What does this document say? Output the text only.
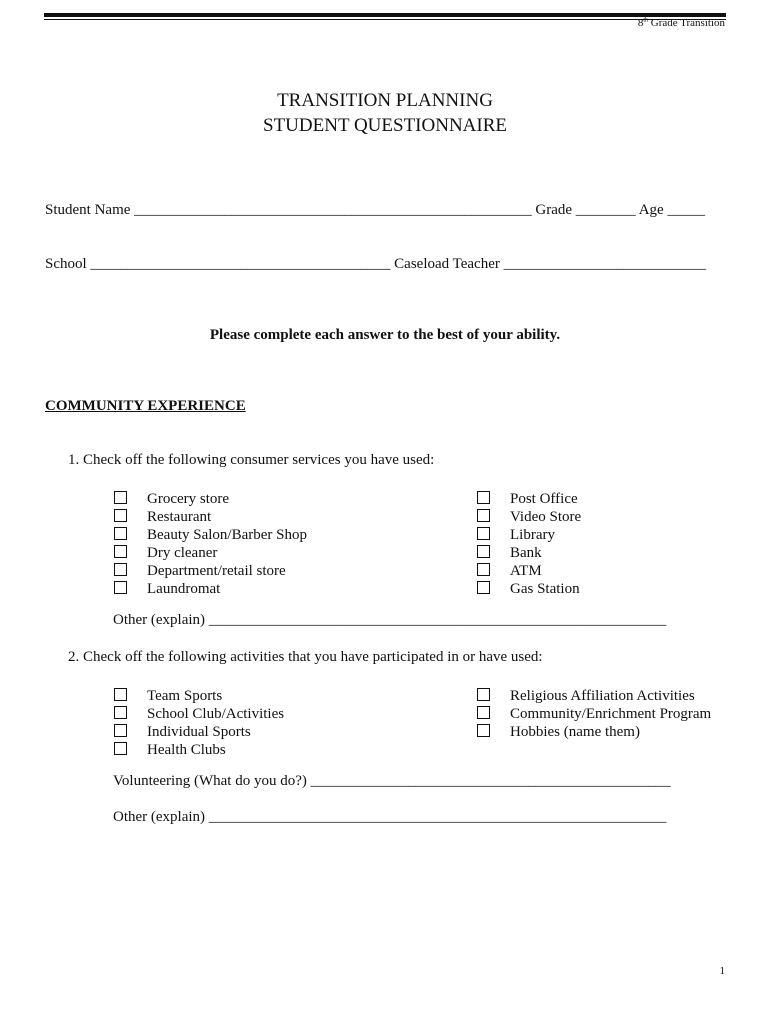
8th Grade Transition
TRANSITION PLANNING
STUDENT QUESTIONNAIRE
Student Name _____________________________________________________ Grade ________ Age _____
School ________________________________________ Caseload Teacher ___________________________
Please complete each answer to the best of your ability.
COMMUNITY EXPERIENCE
1. Check off the following consumer services you have used:
Grocery store
Restaurant
Beauty Salon/Barber Shop
Dry cleaner
Department/retail store
Laundromat
Post Office
Video Store
Library
Bank
ATM
Gas Station
Other (explain) _____________________________________________________________
2. Check off the following activities that you have participated in or have used:
Team Sports
School Club/Activities
Individual Sports
Health Clubs
Religious Affiliation Activities
Community/Enrichment Program
Hobbies (name them)
Volunteering (What do you do?) ________________________________________________
Other (explain) _____________________________________________________________
1
